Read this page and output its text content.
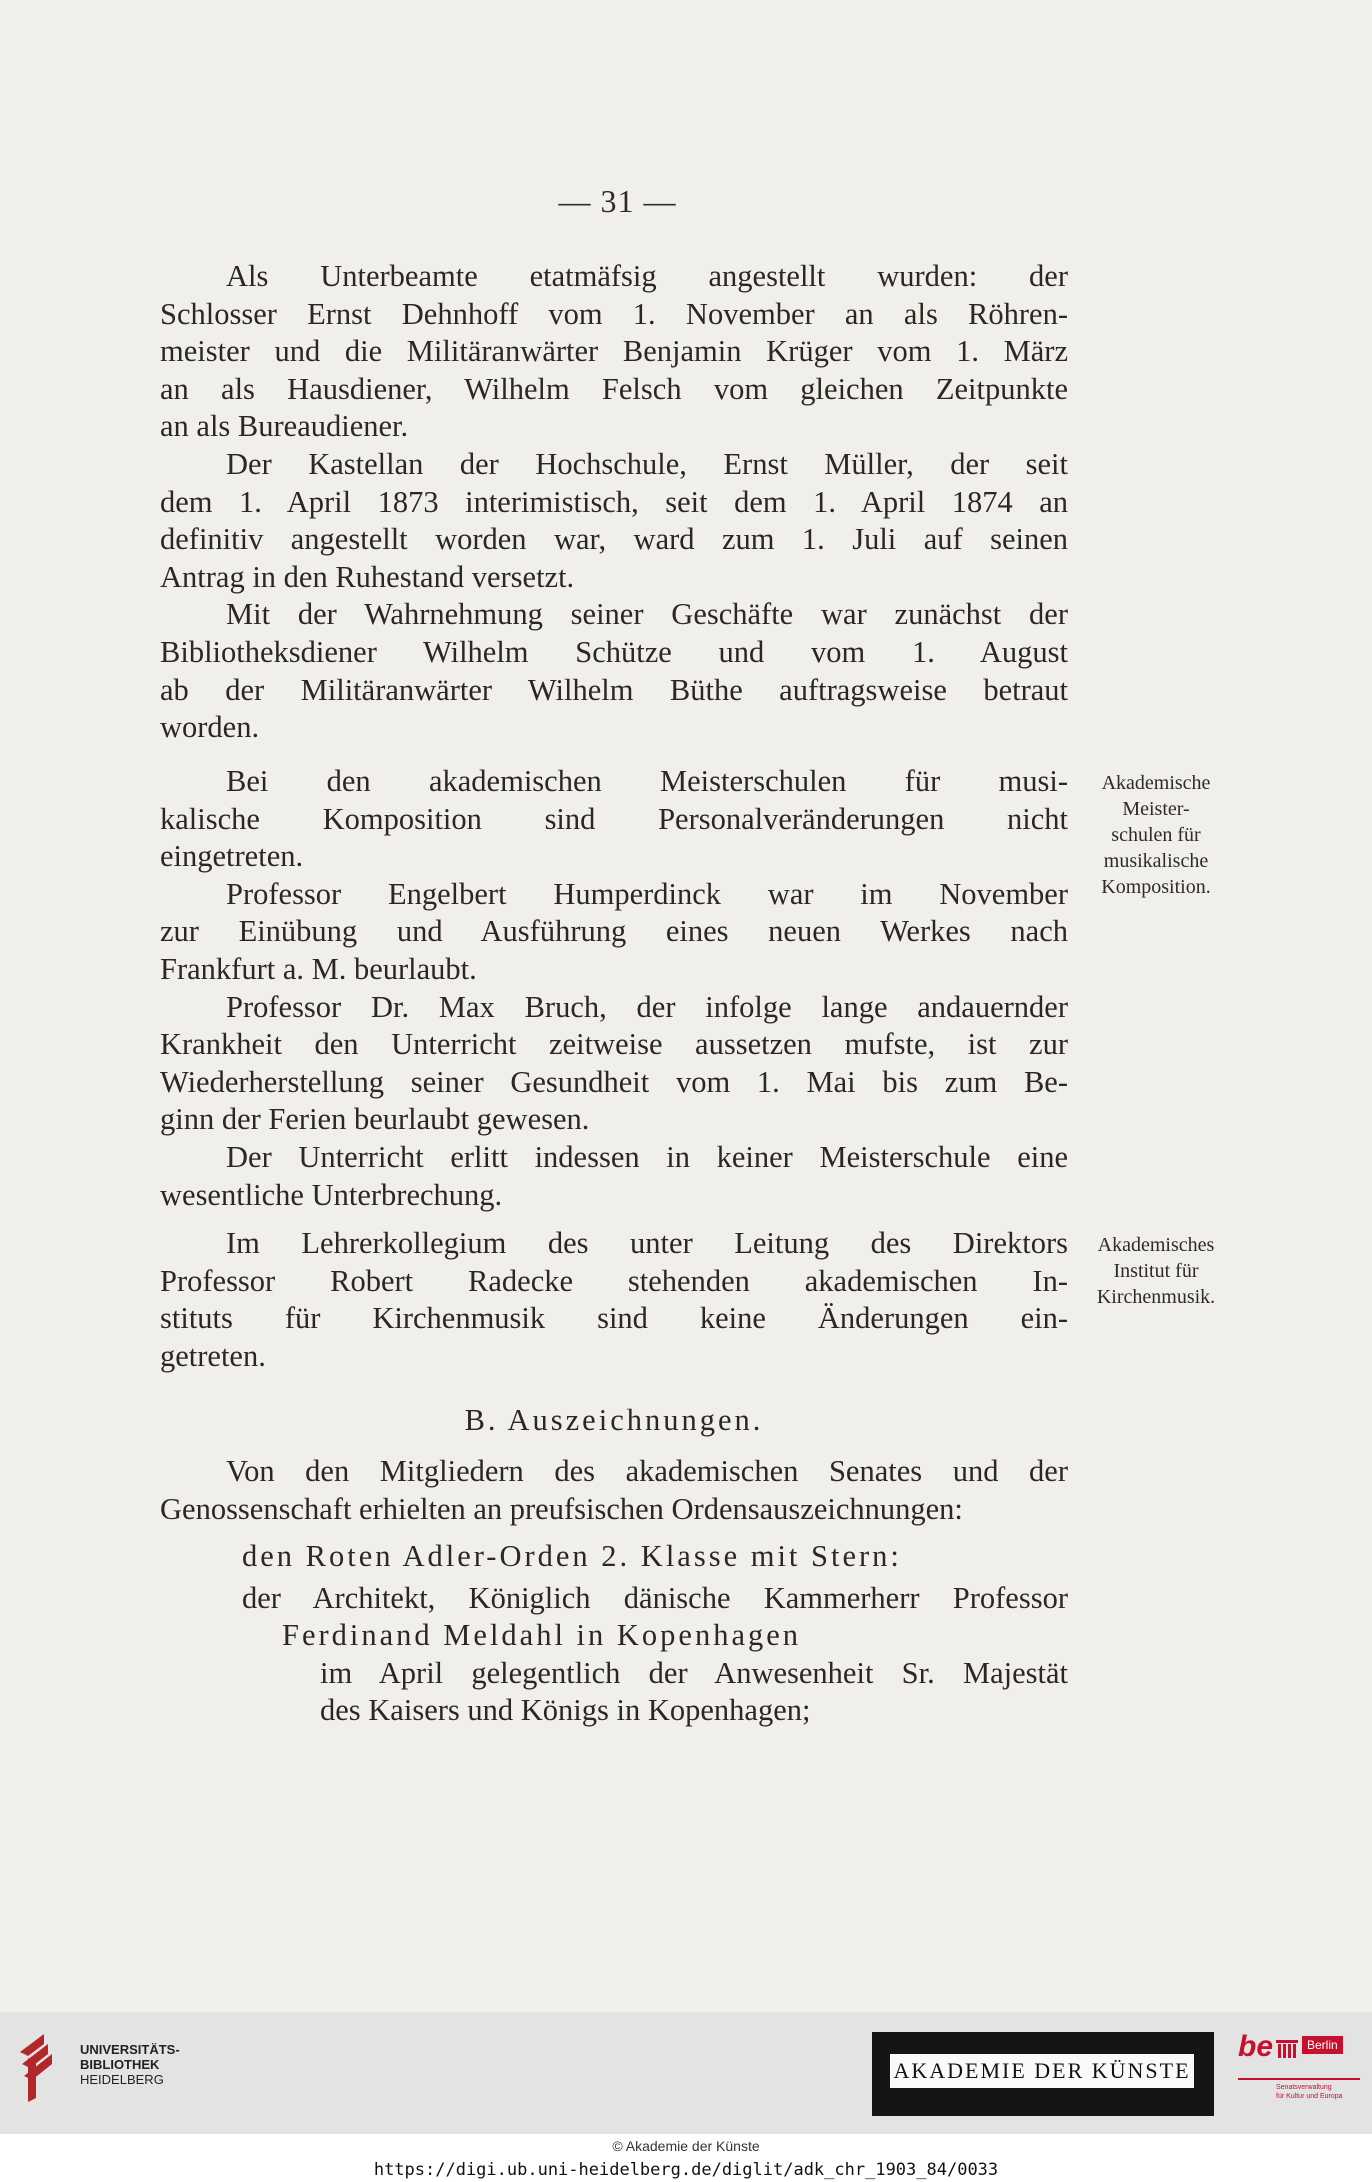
— 31 —
Als Unterbeamte etatmäfsig angestellt wurden: der
Schlosser Ernst Dehnhoff vom 1. November an als Röhren-
meister und die Militäranwärter Benjamin Krüger vom 1. März
an als Hausdiener, Wilhelm Felsch vom gleichen Zeitpunkte
an als Bureaudiener.
Der Kastellan der Hochschule, Ernst Müller, der seit
dem 1. April 1873 interimistisch, seit dem 1. April 1874 an
definitiv angestellt worden war, ward zum 1. Juli auf seinen
Antrag in den Ruhestand versetzt.
Mit der Wahrnehmung seiner Geschäfte war zunächst der
Bibliotheksdiener Wilhelm Schütze und vom 1. August
ab der Militäranwärter Wilhelm Büthe auftragsweise betraut
worden.
Bei den akademischen Meisterschulen für musi-
kalische Komposition sind Personalveränderungen nicht
eingetreten.
Professor Engelbert Humperdinck war im November
zur Einübung und Ausführung eines neuen Werkes nach
Frankfurt a. M. beurlaubt.
Professor Dr. Max Bruch, der infolge lange andauernder
Krankheit den Unterricht zeitweise aussetzen mufste, ist zur
Wiederherstellung seiner Gesundheit vom 1. Mai bis zum Be-
ginn der Ferien beurlaubt gewesen.
Der Unterricht erlitt indessen in keiner Meisterschule eine
wesentliche Unterbrechung.
Akademische
Meister-
schulen für
musikalische
Komposition.
Im Lehrerkollegium des unter Leitung des Direktors
Professor Robert Radecke stehenden akademischen In-
stituts für Kirchenmusik sind keine Änderungen ein-
getreten.
Akademisches
Institut für
Kirchenmusik.
B. Auszeichnungen.
Von den Mitgliedern des akademischen Senates und der
Genossenschaft erhielten an preufsischen Ordensauszeichnungen:
den Roten Adler-Orden 2. Klasse mit Stern:
der Architekt, Königlich dänische Kammerherr Professor
Ferdinand Meldahl in Kopenhagen
im April gelegentlich der Anwesenheit Sr. Majestät
des Kaisers und Königs in Kopenhagen;
UNIVERSITÄTS-
BIBLIOTHEK
HEIDELBERG	AKADEMIE DER KÜNSTE
be	Berlin
Senatsverwaltung
für Kultur und Europa
© Akademie der Künste
https://digi.ub.uni-heidelberg.de/diglit/adk_chr_1903_84/0033
